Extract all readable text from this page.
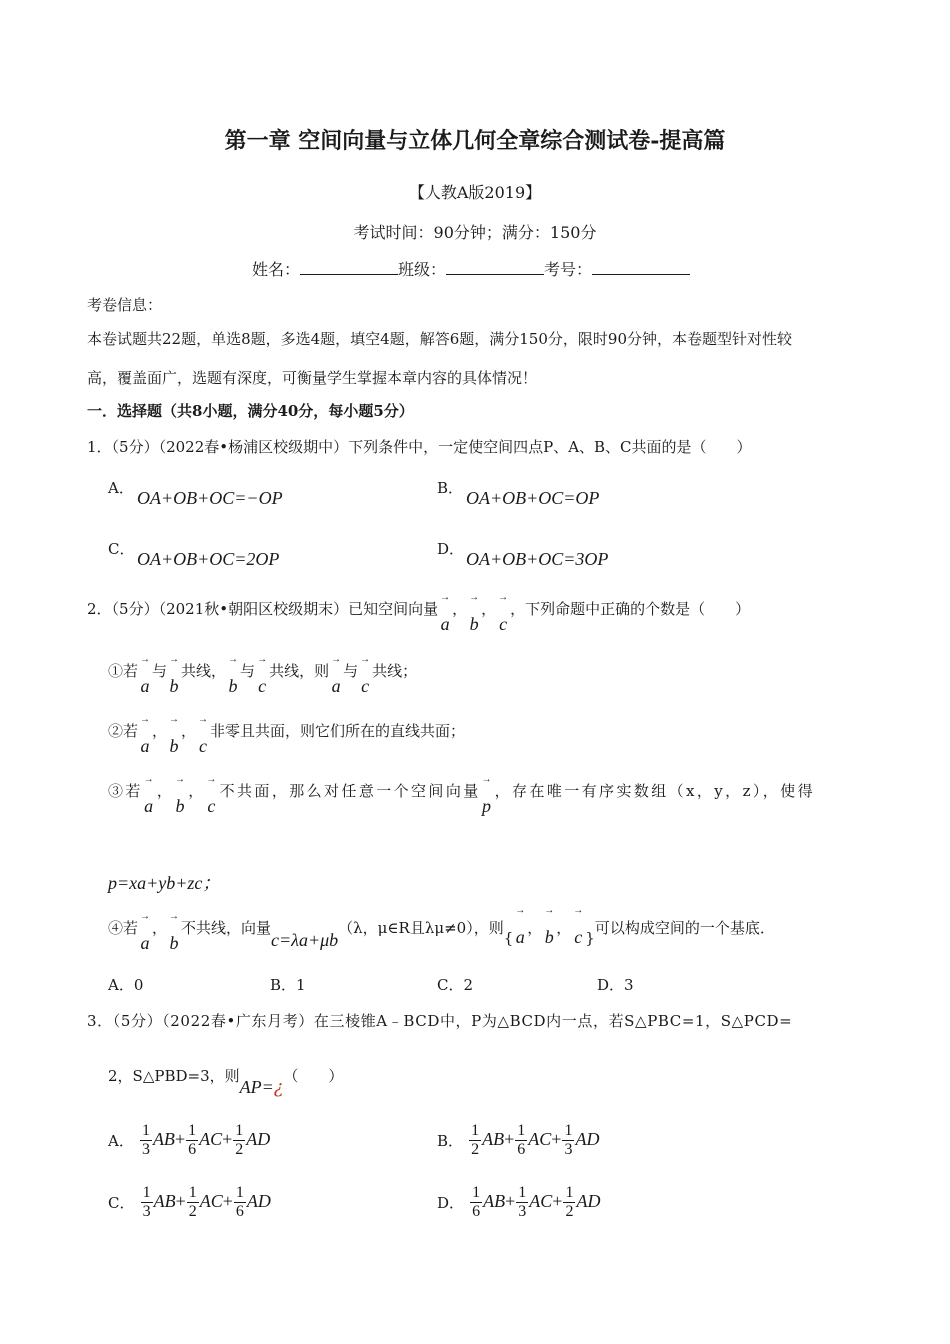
第一章 空间向量与立体几何全章综合测试卷-提高篇
【人教A版2019】
考试时间：90分钟；满分：150分
姓名：	班级：	考号：
考卷信息：
本卷试题共22题，单选8题，多选4题，填空4题，解答6题，满分150分，限时90分钟，本卷题型针对性较
高，覆盖面广，选题有深度，可衡量学生掌握本章内容的具体情况！
一．选择题（共8小题，满分40分，每小题5分）
1．（5分）（2022春•杨浦区校级期中）下列条件中，一定使空间四点P、A、B、C共面的是（　　）
A． OA+OB+OC=−OP	B． OA+OB+OC=OP
C． OA+OB+OC=2OP	D． OA+OB+OC=3OP
2．（5分）（2021秋•朝阳区校级期末）已知空间向量→ a，→ b，→ c，下列命题中正确的个数是（　　）
①若→ a与→ b共线，→ b与→ c共线，则→ a与→ c共线；
②若→ a，→ b，→ c非零且共面，则它们所在的直线共面；
③若→ a，→ b，→ c不共面，那么对任意一个空间向量→ p，存在唯一有序实数组（x，y，z），使得
p=xa+yb+zc；
④若→ a，→ b不共线，向量c=λa+μb（λ，μ∈R且λμ≠0），则{ → a ， → b ， → c }可以构成空间的一个基底．
A．0	B．1	C．2	D．3
3．（5分）（2022春•广东月考）在三棱锥A﹣BCD中，P为△BCD内一点，若S△PBC=1，S△PCD=
2，S△PBD=3，则AP=¿（　　）
A． $\frac{1}{3} AB+ \frac{1}{6} AC+ \frac{1}{2}$ AD	B． $\frac{1}{2} AB+ \frac{1}{6} AC+ \frac{1}{3}$ AD
C． $\frac{1}{3} AB+ \frac{1}{2} AC+ \frac{1}{6}$ AD	D． $\frac{1}{6} AB+ \frac{1}{3} AC+ \frac{1}{2}$ AD
